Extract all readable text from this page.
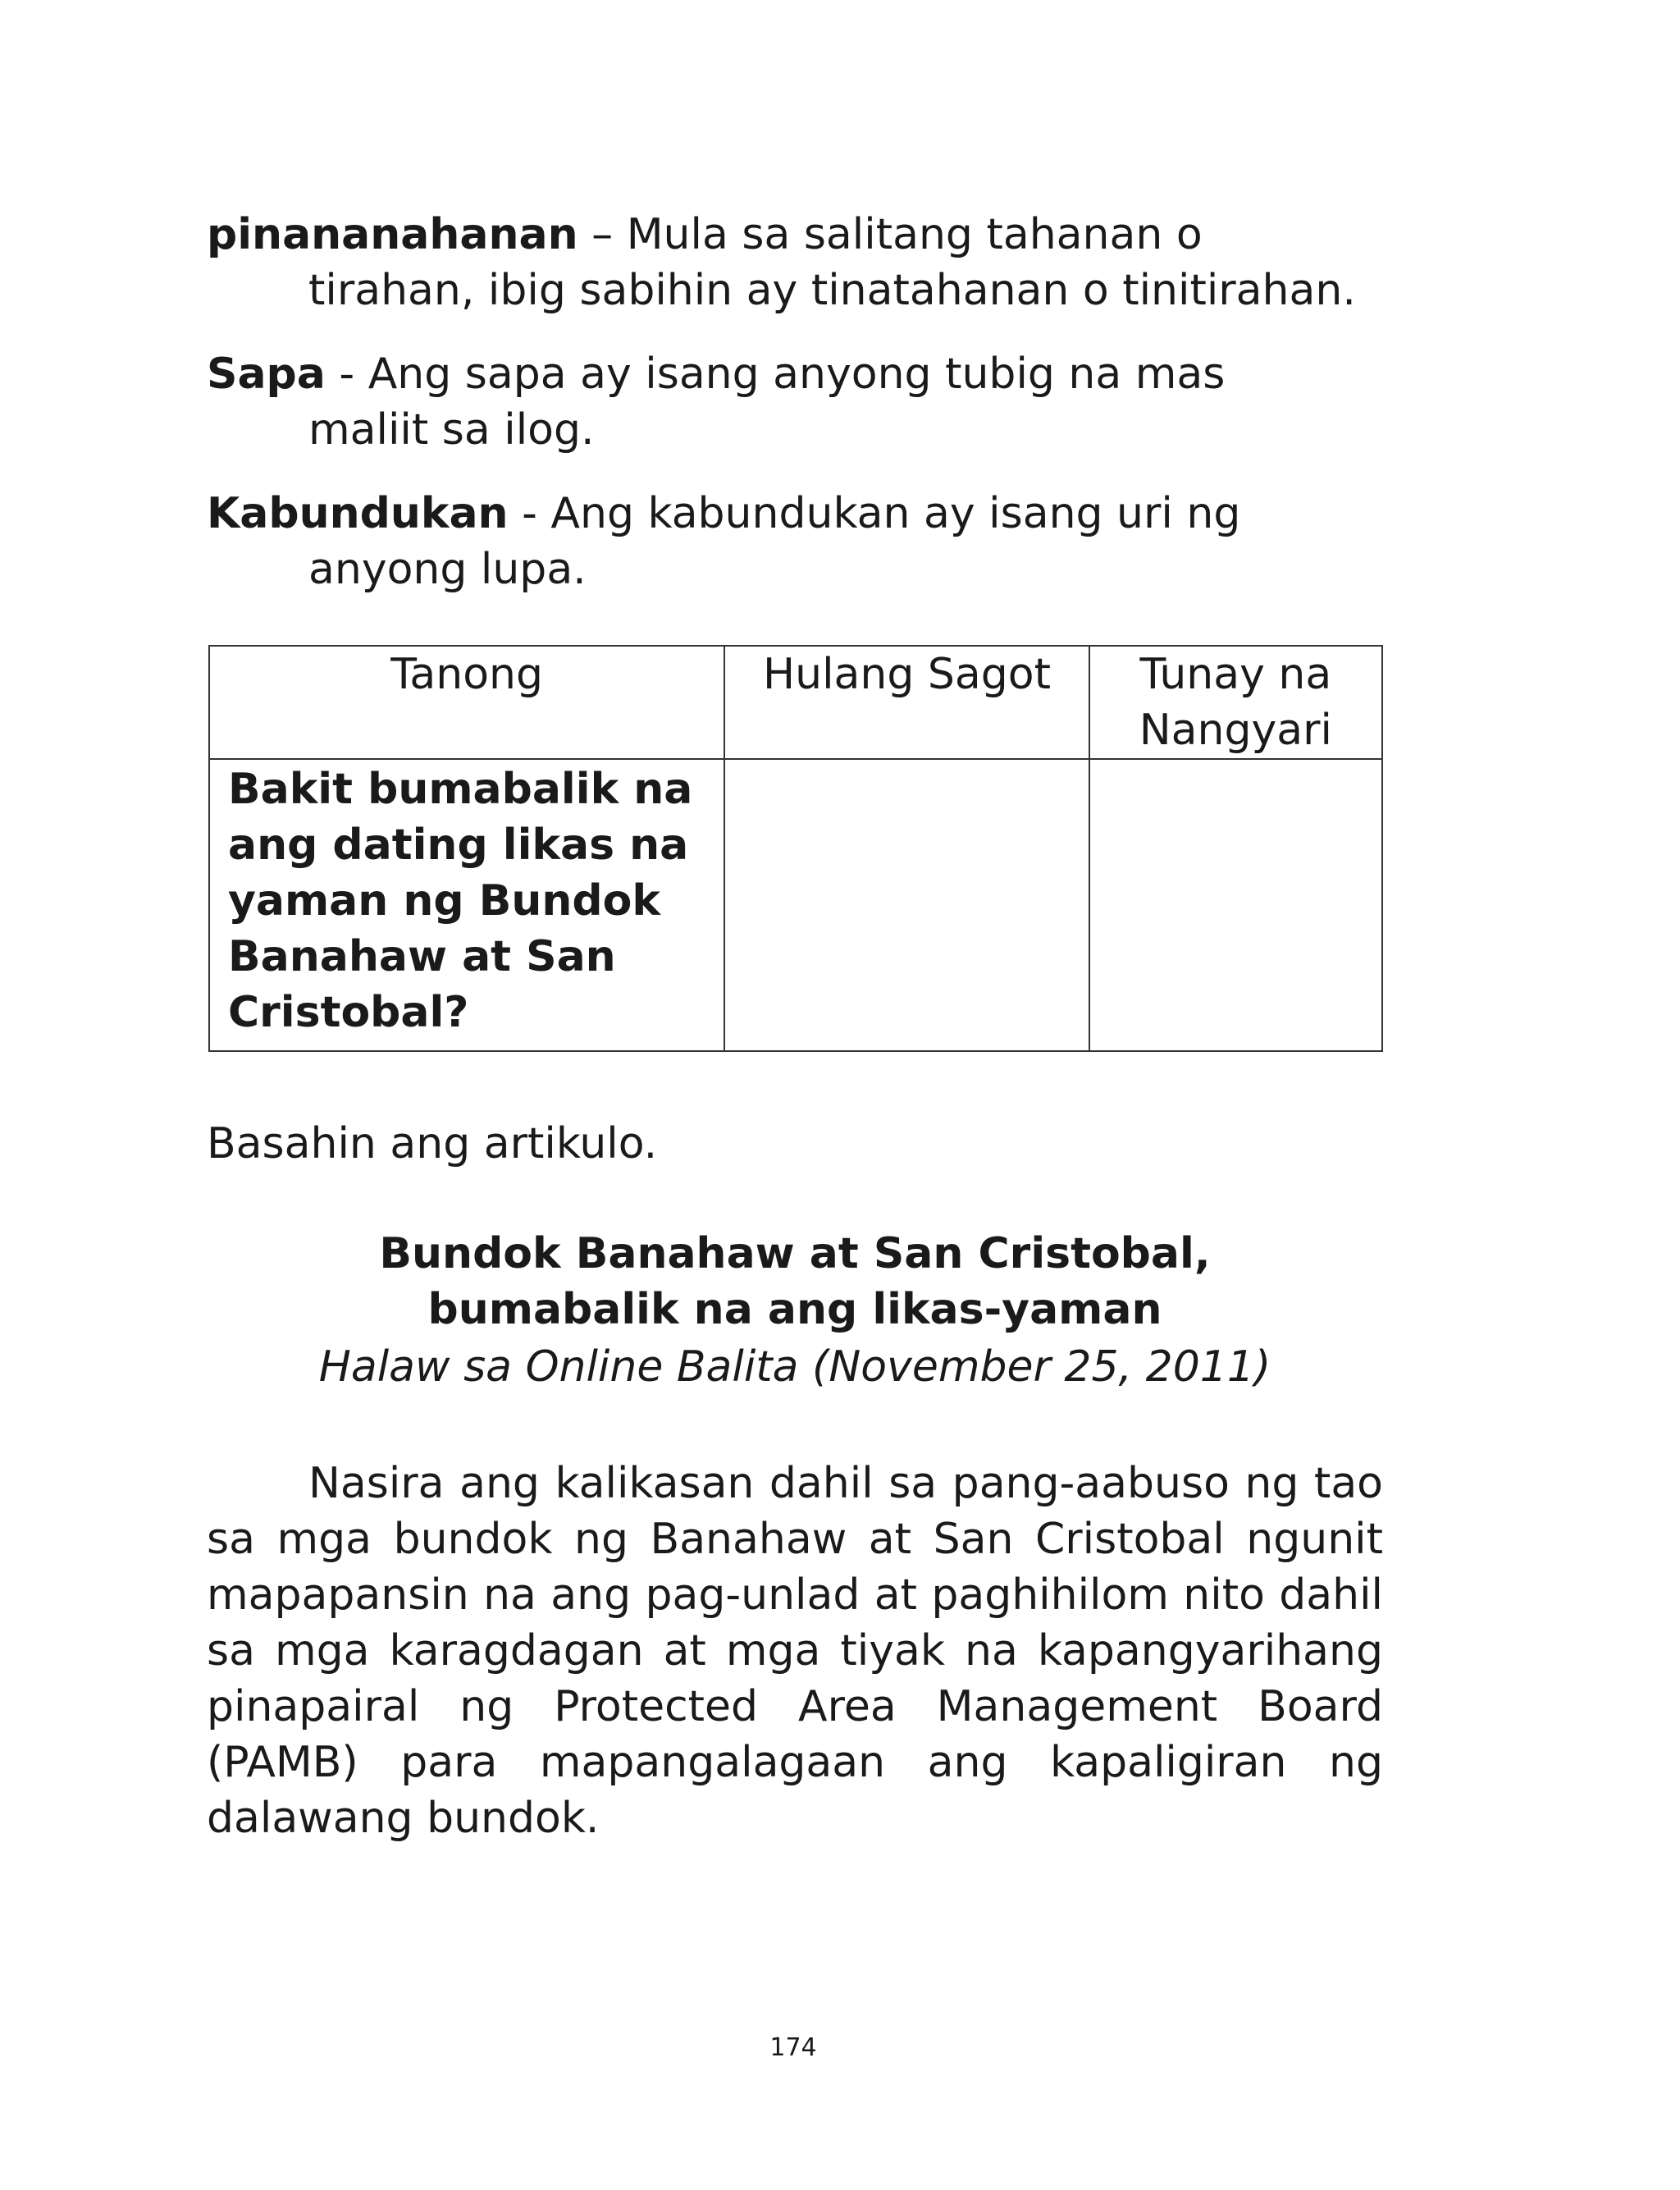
pinananahanan – Mula sa salitang tahanan o
tirahan, ibig sabihin ay tinatahanan o tinitirahan.
Sapa - Ang sapa ay isang anyong tubig na mas
maliit sa ilog.
Kabundukan - Ang kabundukan ay isang uri ng
anyong lupa.
Tanong	Hulang Sagot	Tunay na Nangyari
Bakit bumabalik na ang dating likas na yaman ng Bundok Banahaw at San Cristobal?		
Basahin ang artikulo.
Bundok Banahaw at San Cristobal,
bumabalik na ang likas-yaman
Halaw sa Online Balita (November 25, 2011)
Nasira ang kalikasan dahil sa pang-aabuso ng tao sa mga bundok ng Banahaw at San Cristobal ngunit mapapansin na ang pag-unlad at paghihilom nito dahil sa mga karagdagan at mga tiyak na kapangyarihang pinapairal ng Protected Area Management Board (PAMB) para mapangalagaan ang kapaligiran ng dalawang bundok.
174
